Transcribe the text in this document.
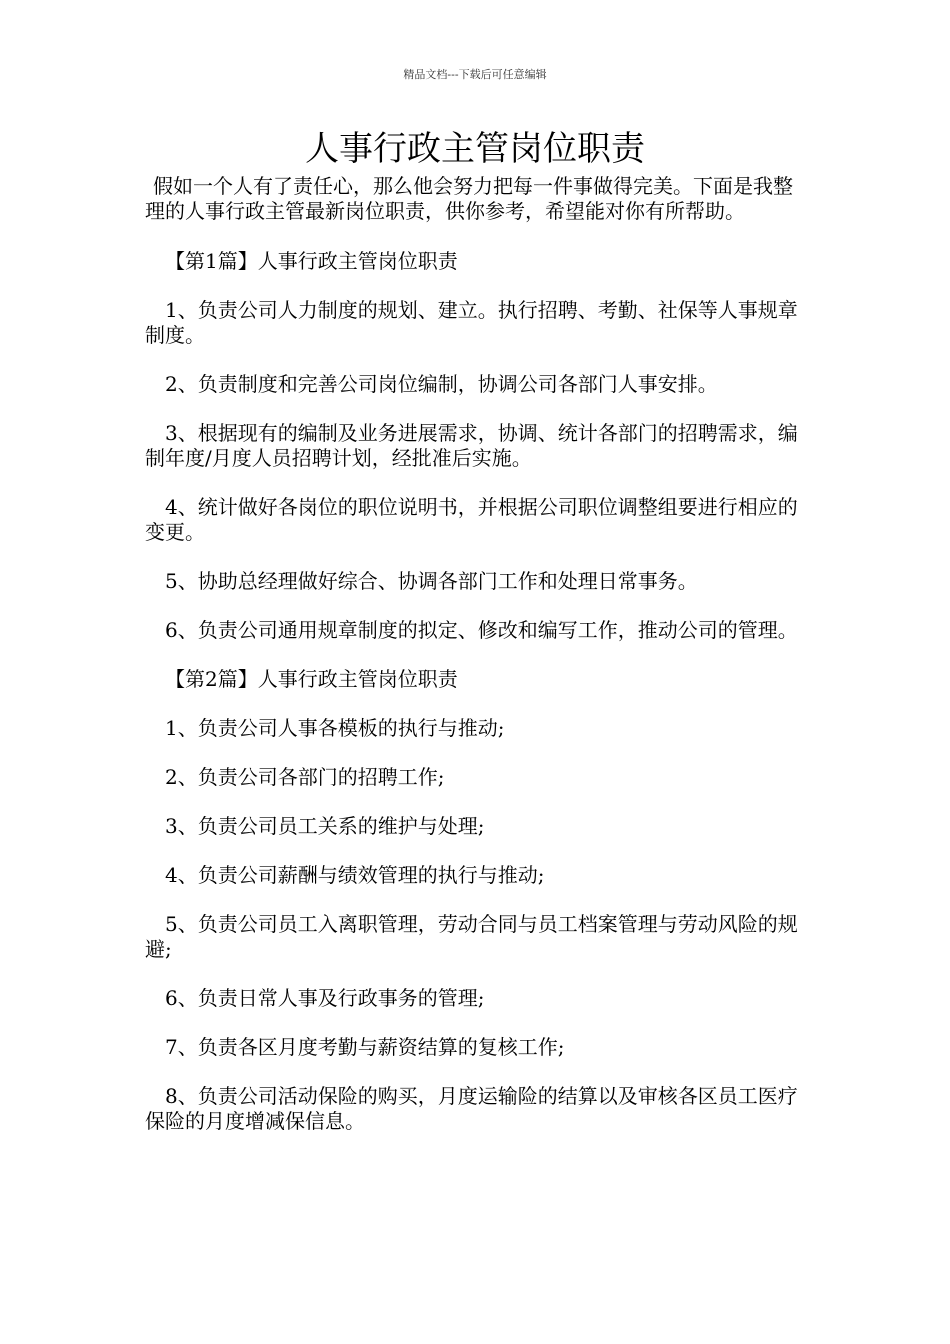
精品文档---下载后可任意编辑
人事行政主管岗位职责

假如一个人有了责任心，那么他会努力把每一件事做得完美。下面是我整理的人事行政主管最新岗位职责，供你参考，希望能对你有所帮助。

【第1篇】人事行政主管岗位职责

1、负责公司人力制度的规划、建立。执行招聘、考勤、社保等人事规章制度。

2、负责制度和完善公司岗位编制，协调公司各部门人事安排。

3、根据现有的编制及业务进展需求，协调、统计各部门的招聘需求，编制年度/月度人员招聘计划，经批准后实施。

4、统计做好各岗位的职位说明书，并根据公司职位调整组要进行相应的变更。

5、协助总经理做好综合、协调各部门工作和处理日常事务。

6、负责公司通用规章制度的拟定、修改和编写工作，推动公司的管理。

【第2篇】人事行政主管岗位职责

1、负责公司人事各模板的执行与推动;

2、负责公司各部门的招聘工作;

3、负责公司员工关系的维护与处理;

4、负责公司薪酬与绩效管理的执行与推动;

5、负责公司员工入离职管理，劳动合同与员工档案管理与劳动风险的规避;

6、负责日常人事及行政事务的管理;

7、负责各区月度考勤与薪资结算的复核工作;

8、负责公司活动保险的购买，月度运输险的结算以及审核各区员工医疗保险的月度增减保信息。
